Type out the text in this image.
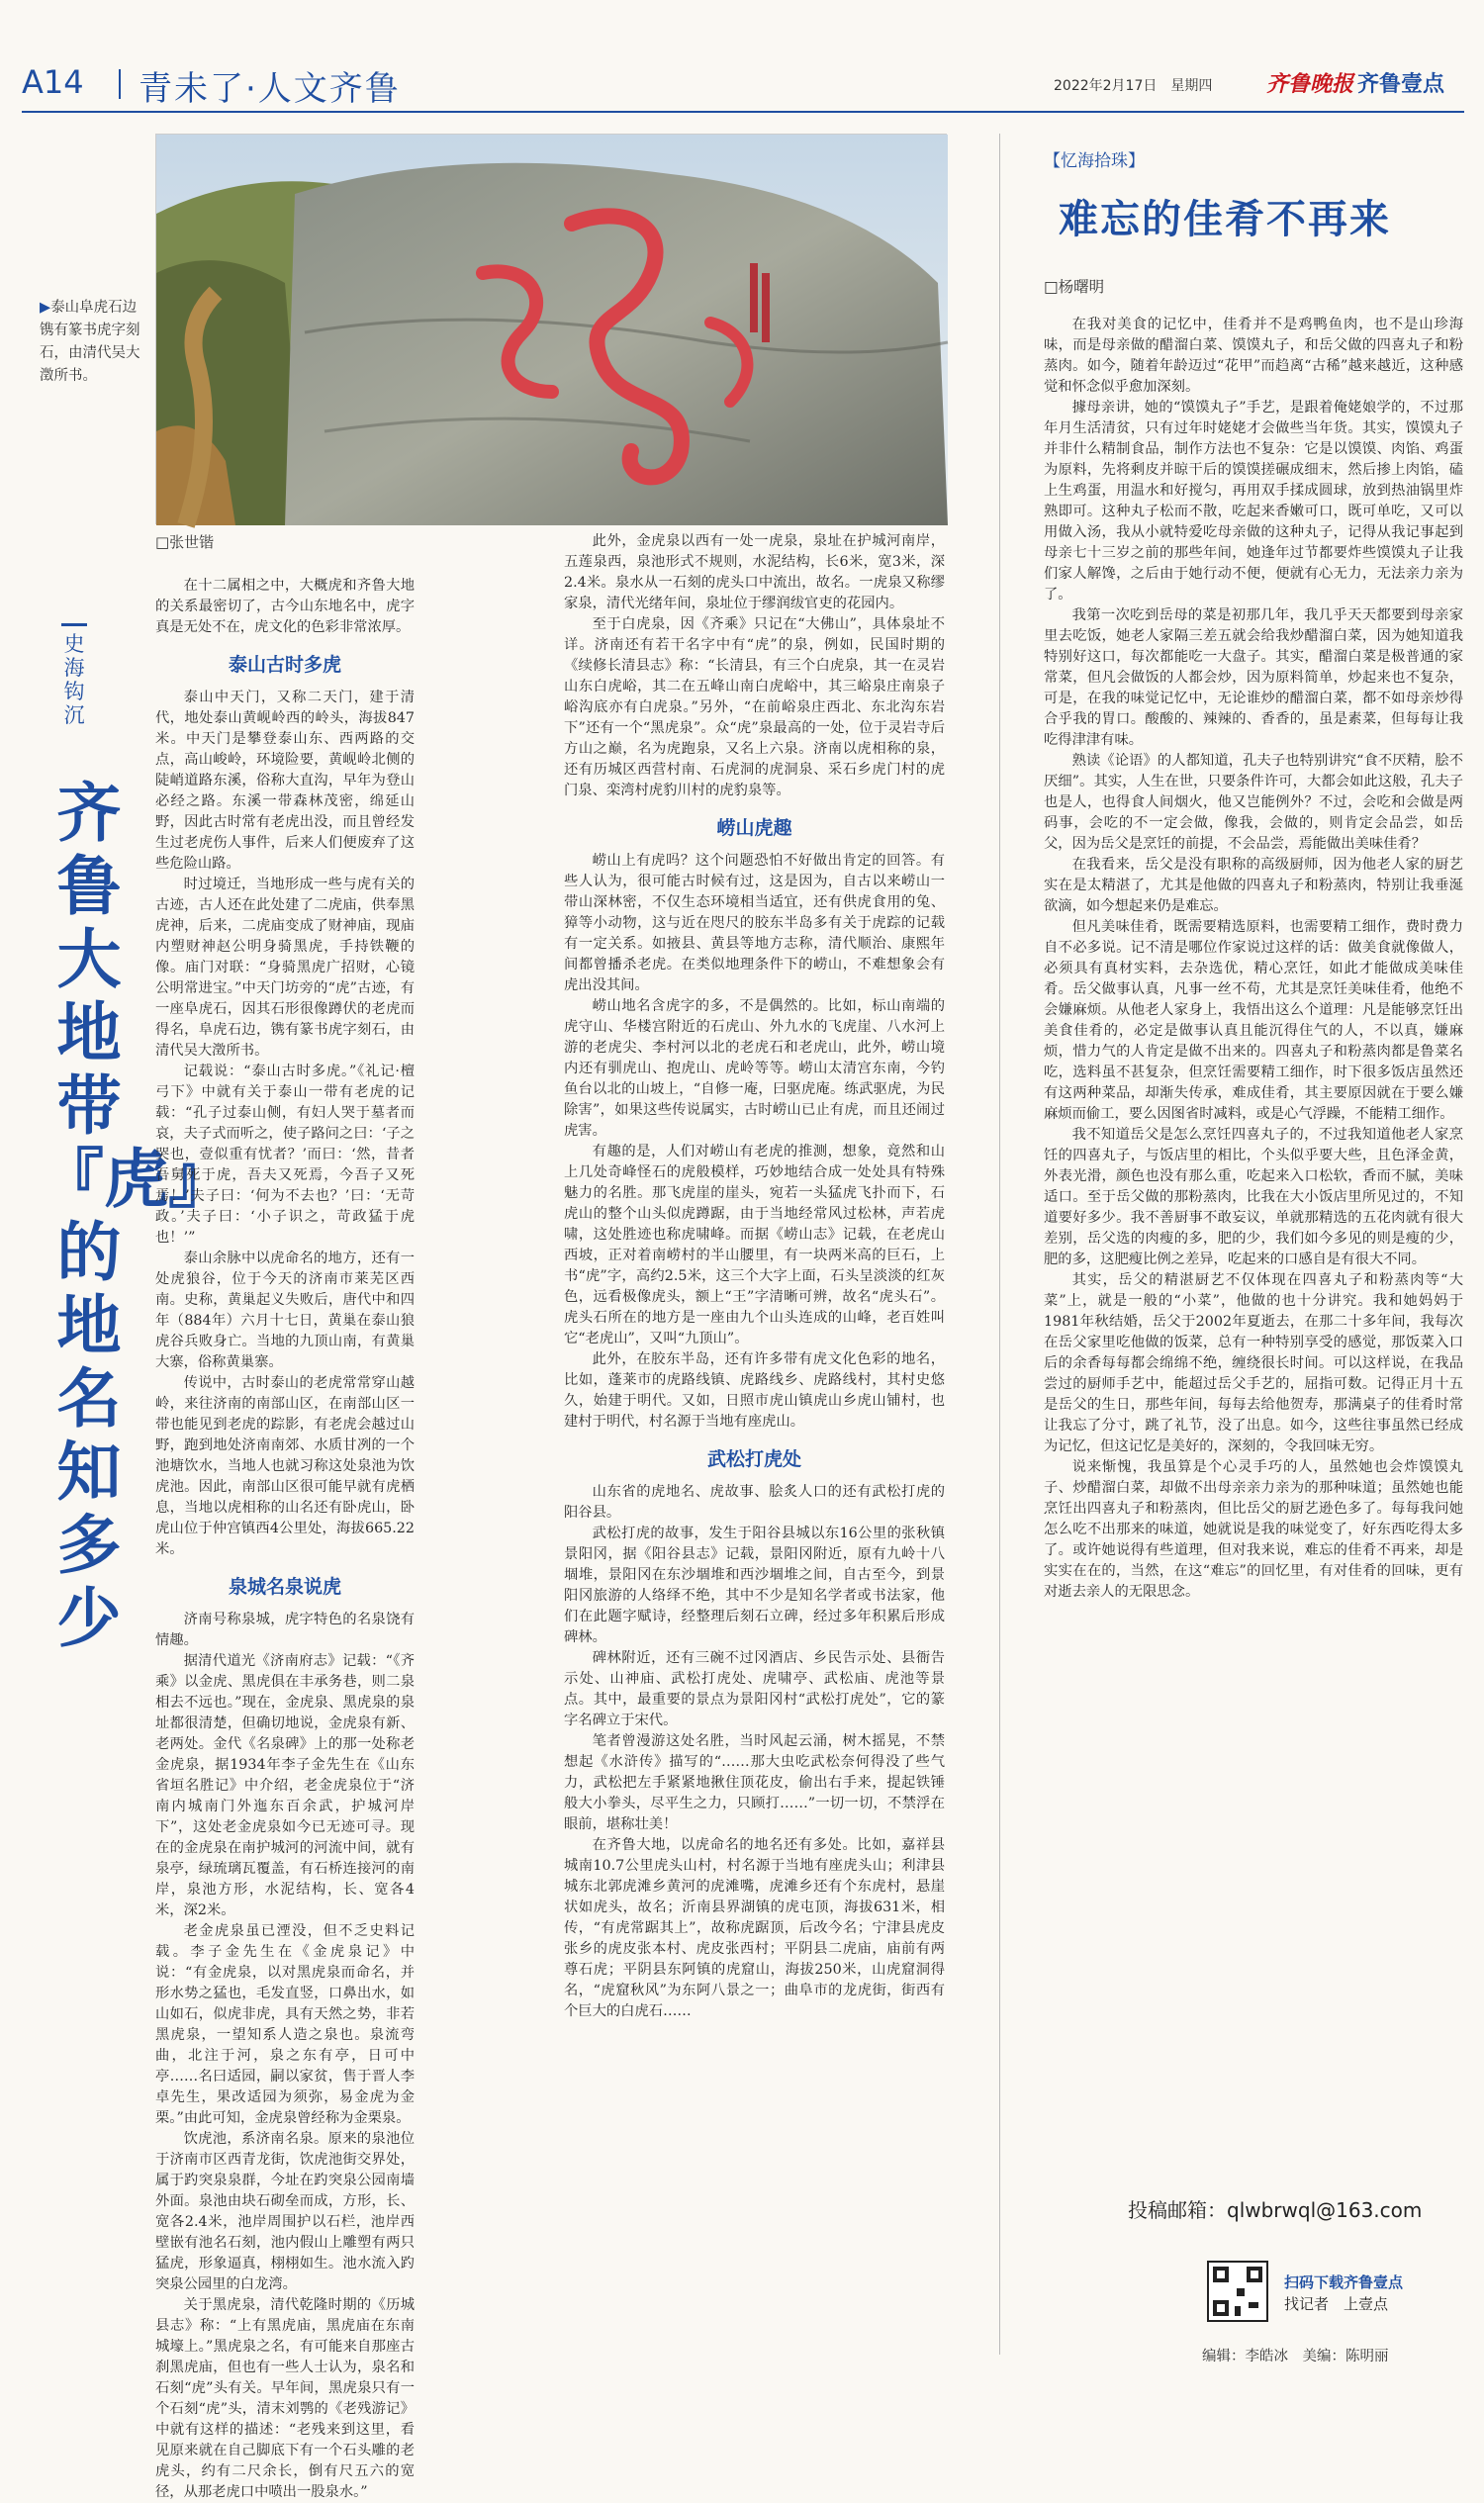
A14 青未了·人文齐鲁	2022年2月17日　星期四 齐鲁晚报 齐鲁壹点
▶泰山阜虎石边镌有篆书虎字刻石，由清代吴大澂所书。
□张世锴
史海钩沉
齐鲁大地带『虎』的地名知多少

在十二属相之中，大概虎和齐鲁大地的关系最密切了，古今山东地名中，虎字真是无处不在，虎文化的色彩非常浓厚。

泰山古时多虎

泰山中天门，又称二天门，建于清代，地处泰山黄岘岭西的岭头，海拔847米。中天门是攀登泰山东、西两路的交点，高山峻岭，环境险要，黄岘岭北侧的陡峭道路东溪，俗称大直沟，早年为登山必经之路。东溪一带森林茂密，绵延山野，因此古时常有老虎出没，而且曾经发生过老虎伤人事件，后来人们便废弃了这些危险山路。

时过境迁，当地形成一些与虎有关的古迹，古人还在此处建了二虎庙，供奉黑虎神，后来，二虎庙变成了财神庙，现庙内塑财神赵公明身骑黑虎，手持铁鞭的像。庙门对联：“身骑黑虎广招财，心镜公明常进宝。”中天门坊旁的“虎”古迹，有一座阜虎石，因其石形很像蹲伏的老虎而得名，阜虎石边，镌有篆书虎字刻石，由清代吴大澂所书。

记载说：“泰山古时多虎。”《礼记·檀弓下》中就有关于泰山一带有老虎的记载：“孔子过泰山侧，有妇人哭于墓者而哀，夫子式而听之，使子路问之曰：‘子之哭也，壹似重有忧者？’而曰：‘然，昔者吾舅死于虎，吾夫又死焉，今吾子又死焉！’夫子曰：‘何为不去也？’曰：‘无苛政。’夫子曰：‘小子识之，苛政猛于虎也！’”

泰山余脉中以虎命名的地方，还有一处虎狼谷，位于今天的济南市莱芜区西南。史称，黄巢起义失败后，唐代中和四年（884年）六月十七日，黄巢在泰山狼虎谷兵败身亡。当地的九顶山南，有黄巢大寨，俗称黄巢寨。

传说中，古时泰山的老虎常常穿山越岭，来往济南的南部山区，在南部山区一带也能见到老虎的踪影，有老虎会越过山野，跑到地处济南南郊、水质甘冽的一个池塘饮水，当地人也就习称这处泉池为饮虎池。因此，南部山区很可能早就有虎栖息，当地以虎相称的山名还有卧虎山，卧虎山位于仲宫镇西4公里处，海拔665.22米。

泉城名泉说虎

济南号称泉城，虎字特色的名泉饶有情趣。

据清代道光《济南府志》记载：“《齐乘》以金虎、黑虎俱在丰承务巷，则二泉相去不远也。”现在，金虎泉、黑虎泉的泉址都很清楚，但确切地说，金虎泉有新、老两处。金代《名泉碑》上的那一处称老金虎泉，据1934年李子金先生在《山东省垣名胜记》中介绍，老金虎泉位于“济南内城南门外迤东百余武，护城河岸下”，这处老金虎泉如今已无迹可寻。现在的金虎泉在南护城河的河流中间，就有泉亭，绿琉璃瓦覆盖，有石桥连接河的南岸，泉池方形，水泥结构，长、宽各4米，深2米。

老金虎泉虽已湮没，但不乏史料记载。李子金先生在《金虎泉记》中说：“有金虎泉，以对黑虎泉而命名，并形水势之猛也，毛发直竖，口鼻出水，如山如石，似虎非虎，具有天然之势，非若黑虎泉，一望知系人造之泉也。泉流弯曲，北注于河，泉之东有亭，日可中亭……名曰适园，嗣以家贫，售于晋人李卓先生，果改适园为须弥，易金虎为金栗。”由此可知，金虎泉曾经称为金栗泉。

饮虎池，系济南名泉。原来的泉池位于济南市区西青龙街，饮虎池街交界处，属于趵突泉泉群，今址在趵突泉公园南墙外面。泉池由块石砌垒而成，方形，长、宽各2.4米，池岸周围护以石栏，池岸西壁嵌有池名石刻，池内假山上雕塑有两只猛虎，形象逼真，栩栩如生。池水流入趵突泉公园里的白龙湾。

关于黑虎泉，清代乾隆时期的《历城县志》称：“上有黑虎庙，黑虎庙在东南城壕上。”黑虎泉之名，有可能来自那座古刹黑虎庙，但也有一些人士认为，泉名和石刻“虎”头有关。早年间，黑虎泉只有一个石刻“虎”头，清末刘鹗的《老残游记》中就有这样的描述：“老残来到这里，看见原来就在自己脚底下有一个石头雕的老虎头，约有二尺余长，倒有尺五六的宽径，从那老虎口中喷出一股泉水。”

此外，金虎泉以西有一处一虎泉，泉址在护城河南岸，五莲泉西，泉池形式不规则，水泥结构，长6米，宽3米，深2.4米。泉水从一石刻的虎头口中流出，故名。一虎泉又称缪家泉，清代光绪年间，泉址位于缪润绂官吏的花园内。

至于白虎泉，因《齐乘》只记在“大佛山”，具体泉址不详。济南还有若干名字中有“虎”的泉，例如，民国时期的《续修长清县志》称：“长清县，有三个白虎泉，其一在灵岩山东白虎峪，其二在五峰山南白虎峪中，其三峪泉庄南泉子峪沟底亦有白虎泉。”另外，“在前峪泉庄西北、东北沟东岩下”还有一个“黑虎泉”。众“虎”泉最高的一处，位于灵岩寺后方山之巅，名为虎跑泉，又名上六泉。济南以虎相称的泉，还有历城区西营村南、石虎洞的虎洞泉、采石乡虎门村的虎门泉、栾湾村虎豹川村的虎豹泉等。

崂山虎趣

崂山上有虎吗？这个问题恐怕不好做出肯定的回答。有些人认为，很可能古时候有过，这是因为，自古以来崂山一带山深林密，不仅生态环境相当适宜，还有供虎食用的兔、獐等小动物，这与近在咫尺的胶东半岛多有关于虎踪的记载有一定关系。如掖县、黄县等地方志称，清代顺治、康熙年间都曾播杀老虎。在类似地理条件下的崂山，不难想象会有虎出没其间。

崂山地名含虎字的多，不是偶然的。比如，标山南端的虎守山、华楼宫附近的石虎山、外九水的飞虎崖、八水河上游的老虎尖、李村河以北的老虎石和老虎山，此外，崂山境内还有驯虎山、抱虎山、虎岭等等。崂山太清宫东南，今钓鱼台以北的山坡上，“自修一庵，曰驱虎庵。练武驱虎，为民除害”，如果这些传说属实，古时崂山已止有虎，而且还闹过虎害。

有趣的是，人们对崂山有老虎的推测，想象，竟然和山上几处奇峰怪石的虎般模样，巧妙地结合成一处处具有特殊魅力的名胜。那飞虎崖的崖头，宛若一头猛虎飞扑而下，石虎山的整个山头似虎蹲踞，由于当地经常风过松林，声若虎啸，这处胜迹也称虎啸峰。而据《崂山志》记载，在老虎山西坡，正对着南崂村的半山腰里，有一块两米高的巨石，上书“虎”字，高约2.5米，这三个大字上面，石头呈淡淡的红灰色，远看极像虎头，额上“王”字清晰可辨，故名“虎头石”。虎头石所在的地方是一座由九个山头连成的山峰，老百姓叫它“老虎山”，又叫“九顶山”。

此外，在胶东半岛，还有许多带有虎文化色彩的地名，比如，蓬莱市的虎路线镇、虎路线乡、虎路线村，其村史悠久，始建于明代。又如，日照市虎山镇虎山乡虎山铺村，也建村于明代，村名源于当地有座虎山。

武松打虎处

山东省的虎地名、虎故事、脍炙人口的还有武松打虎的阳谷县。

武松打虎的故事，发生于阳谷县城以东16公里的张秋镇景阳冈，据《阳谷县志》记载，景阳冈附近，原有九岭十八堌堆，景阳冈在东沙堌堆和西沙堌堆之间，自古至今，到景阳冈旅游的人络绎不绝，其中不少是知名学者或书法家，他们在此题字赋诗，经整理后刻石立碑，经过多年积累后形成碑林。

碑林附近，还有三碗不过冈酒店、乡民告示处、县衙告示处、山神庙、武松打虎处、虎啸亭、武松庙、虎池等景点。其中，最重要的景点为景阳冈村“武松打虎处”，它的篆字名碑立于宋代。

笔者曾漫游这处名胜，当时风起云涌，树木摇晃，不禁想起《水浒传》描写的“……那大虫吃武松奈何得没了些气力，武松把左手紧紧地揪住顶花皮，偷出右手来，提起铁锤般大小拳头，尽平生之力，只顾打……”一切一切，不禁浮在眼前，堪称壮美！

在齐鲁大地，以虎命名的地名还有多处。比如，嘉祥县城南10.7公里虎头山村，村名源于当地有座虎头山；利津县城东北郭虎滩乡黄河的虎滩嘴，虎滩乡还有个东虎村，悬崖状如虎头，故名；沂南县界湖镇的虎屯顶，海拔631米，相传，“有虎常踞其上”，故称虎踞顶，后改今名；宁津县虎皮张乡的虎皮张本村、虎皮张西村；平阴县二虎庙，庙前有两尊石虎；平阴县东阿镇的虎窟山，海拔250米，山虎窟洞得名，“虎窟秋风”为东阿八景之一；曲阜市的龙虎街，街西有个巨大的白虎石……

【忆海拾珠】
难忘的佳肴不再来
□杨曙明

在我对美食的记忆中，佳肴并不是鸡鸭鱼肉，也不是山珍海味，而是母亲做的醋溜白菜、馍馍丸子，和岳父做的四喜丸子和粉蒸肉。如今，随着年龄迈过“花甲”而趋离“古稀”越来越近，这种感觉和怀念似乎愈加深刻。

據母亲讲，她的“馍馍丸子”手艺，是跟着俺姥娘学的，不过那年月生活清贫，只有过年时姥姥才会做些当年货。其实，馍馍丸子并非什么精制食品，制作方法也不复杂：它是以馍馍、肉馅、鸡蛋为原料，先将剩皮并晾干后的馍馍搓碾成细末，然后掺上肉馅，磕上生鸡蛋，用温水和好搅匀，再用双手揉成圆球，放到热油锅里炸熟即可。这种丸子松而不散，吃起来香嫩可口，既可单吃，又可以用做入汤，我从小就特爱吃母亲做的这种丸子，记得从我记事起到母亲七十三岁之前的那些年间，她逢年过节都要炸些馍馍丸子让我们家人解馋，之后由于她行动不便，便就有心无力，无法亲力亲为了。

我第一次吃到岳母的菜是初那几年，我几乎天天都要到母亲家里去吃饭，她老人家隔三差五就会给我炒醋溜白菜，因为她知道我特别好这口，每次都能吃一大盘子。其实，醋溜白菜是极普通的家常菜，但凡会做饭的人都会炒，因为原料简单，炒起来也不复杂，可是，在我的味觉记忆中，无论谁炒的醋溜白菜，都不如母亲炒得合乎我的胃口。酸酸的、辣辣的、香香的，虽是素菜，但每每让我吃得津津有味。

熟读《论语》的人都知道，孔夫子也特别讲究“食不厌精，脍不厌细”。其实，人生在世，只要条件许可，大都会如此这般，孔夫子也是人，也得食人间烟火，他又岂能例外？不过，会吃和会做是两码事，会吃的不一定会做，像我，会做的，则肯定会品尝，如岳父，因为岳父是烹饪的前提，不会品尝，焉能做出美味佳肴？

在我看来，岳父是没有职称的高级厨师，因为他老人家的厨艺实在是太精湛了，尤其是他做的四喜丸子和粉蒸肉，特别让我垂涎欲滴，如今想起来仍是难忘。

但凡美味佳肴，既需要精选原料，也需要精工细作，费时费力自不必多说。记不清是哪位作家说过这样的话：做美食就像做人，必须具有真材实料，去杂选优，精心烹饪，如此才能做成美味佳肴。岳父做事认真，凡事一丝不苟，尤其是烹饪美味佳肴，他绝不会嫌麻烦。从他老人家身上，我悟出这么个道理：凡是能够烹饪出美食佳肴的，必定是做事认真且能沉得住气的人，不以真，嫌麻烦，惜力气的人肯定是做不出来的。四喜丸子和粉蒸肉都是鲁菜名吃，选料虽不甚复杂，但烹饪需要精工细作，时下很多饭店虽然还有这两种菜品，却渐失传承，难成佳肴，其主要原因就在于要么嫌麻烦而偷工，要么因图省时减料，或是心气浮躁，不能精工细作。

我不知道岳父是怎么烹饪四喜丸子的，不过我知道他老人家烹饪的四喜丸子，与饭店里的相比，个头似乎要大些，且色泽金黄，外表光滑，颜色也没有那么重，吃起来入口松软，香而不腻，美味适口。至于岳父做的那粉蒸肉，比我在大小饭店里所见过的，不知道要好多少。我不善厨事不敢妄议，单就那精选的五花肉就有很大差别，岳父选的肉瘦的多，肥的少，我们如今多见的则是瘦的少，肥的多，这肥瘦比例之差异，吃起来的口感自是有很大不同。

其实，岳父的精湛厨艺不仅体现在四喜丸子和粉蒸肉等“大菜”上，就是一般的“小菜”，他做的也十分讲究。我和她妈妈于1981年秋结婚，岳父于2002年夏逝去，在那二十多年间，我每次在岳父家里吃他做的饭菜，总有一种特别享受的感觉，那饭菜入口后的余香每每都会绵绵不绝，缠绕很长时间。可以这样说，在我品尝过的厨师手艺中，能超过岳父手艺的，屈指可数。记得正月十五是岳父的生日，那些年间，每每去给他贺寿，那满桌子的佳肴时常让我忘了分寸，跳了礼节，没了出息。如今，这些往事虽然已经成为记忆，但这记忆是美好的，深刻的，令我回味无穷。

说来惭愧，我虽算是个心灵手巧的人，虽然她也会炸馍馍丸子、炒醋溜白菜，却做不出母亲亲力亲为的那种味道；虽然她也能烹饪出四喜丸子和粉蒸肉，但比岳父的厨艺逊色多了。每每我问她怎么吃不出那来的味道，她就说是我的味觉变了，好东西吃得太多了。或许她说得有些道理，但对我来说，难忘的佳肴不再来，却是实实在在的，当然，在这“难忘”的回忆里，有对佳肴的回味，更有对逝去亲人的无限思念。

投稿邮箱：qlwbrwql@163.com
扫码下载齐鲁壹点
找记者　上壹点
编辑：李皓冰　美编：陈明丽
